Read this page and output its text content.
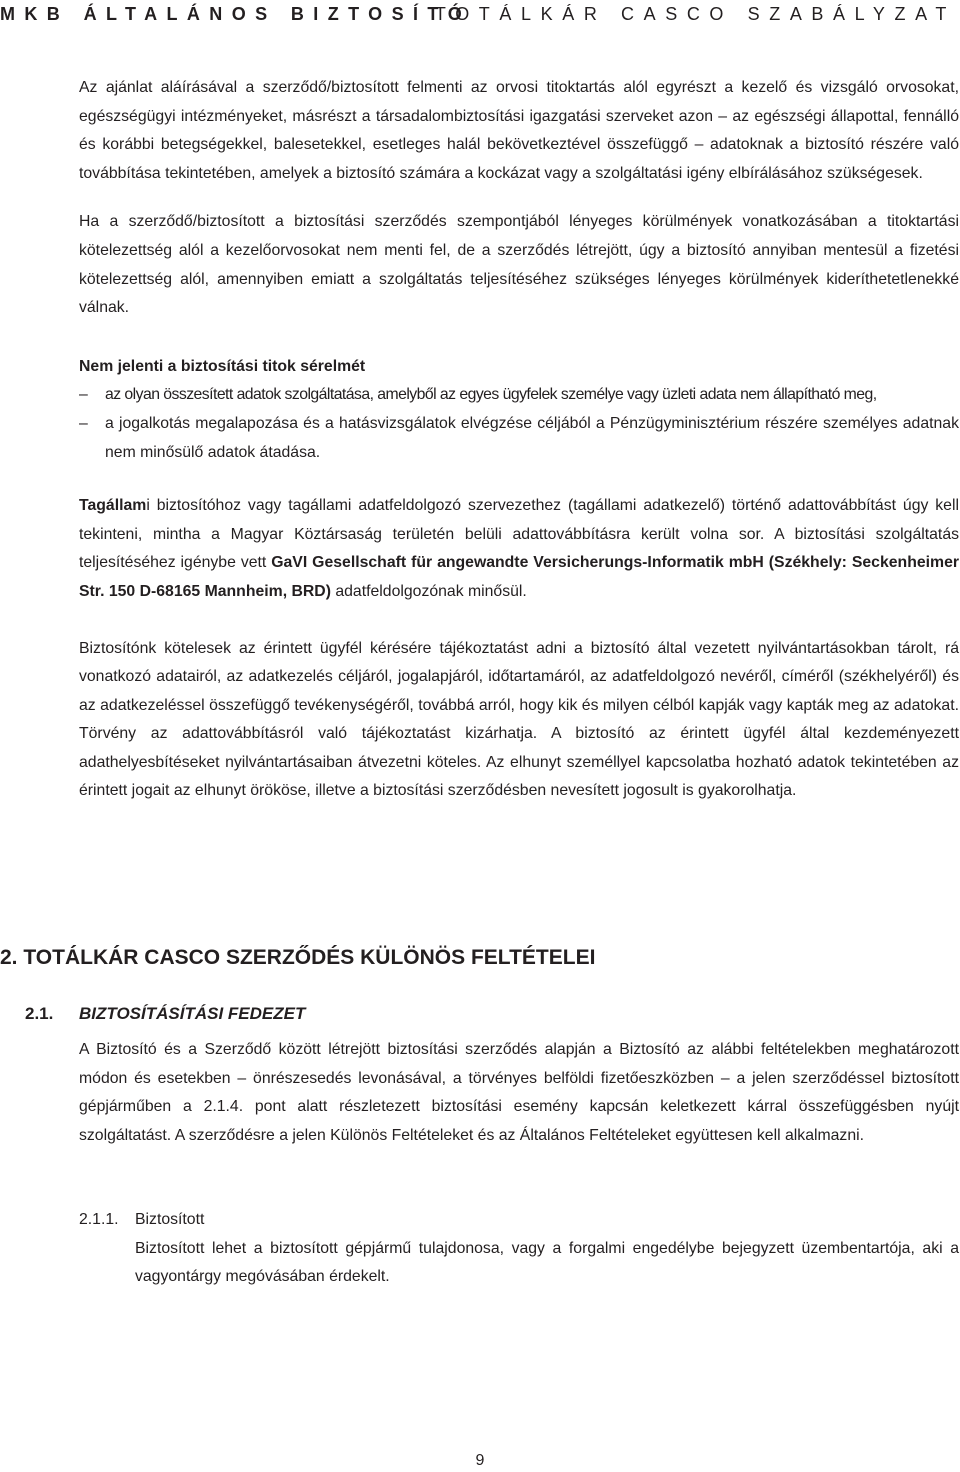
MKB ÁLTALÁNOS BIZTOSÍTÓ
TOTÁLKÁR CASCO SZABÁLYZAT

Az ajánlat aláírásával a szerződő/biztosított felmenti az orvosi titoktartás alól egyrészt a kezelő és vizsgáló orvosokat, egészségügyi intézményeket, másrészt a társadalombiztosítási igazgatási szerveket azon – az egészségi állapottal, fennálló és korábbi betegségekkel, balesetekkel, esetleges halál bekövetkeztével összefüggő – adatoknak a biztosító részére való továbbítása tekintetében, amelyek a biztosító számára a kockázat vagy a szolgáltatási igény elbírálásához szükségesek.

Ha a szerződő/biztosított a biztosítási szerződés szempontjából lényeges körülmények vonatkozásában a titoktartási kötelezettség alól a kezelőorvosokat nem menti fel, de a szerződés létrejött, úgy a biztosító annyiban mentesül a fizetési kötelezettség alól, amennyiben emiatt a szolgáltatás teljesítéséhez szükséges lényeges körülmények kideríthetetlenekké válnak.

Nem jelenti a biztosítási titok sérelmét

– az olyan összesített adatok szolgáltatása, amelyből az egyes ügyfelek személye vagy üzleti adata nem állapítható meg,
– a jogalkotás megalapozása és a hatásvizsgálatok elvégzése céljából a Pénzügyminisztérium részére személyes adatnak nem minősülő adatok átadása.

Tagállami biztosítóhoz vagy tagállami adatfeldolgozó szervezethez (tagállami adatkezelő) történő adattovábbítást úgy kell tekinteni, mintha a Magyar Köztársaság területén belüli adattovábbításra került volna sor. A biztosítási szolgáltatás teljesítéséhez igénybe vett GaVI Gesellschaft für angewandte Versicherungs-Informatik mbH (Székhely: Seckenheimer Str. 150 D-68165 Mannheim, BRD) adatfeldolgozónak minősül.

Biztosítónk kötelesek az érintett ügyfél kérésére tájékoztatást adni a biztosító által vezetett nyilvántartásokban tárolt, rá vonatkozó adatairól, az adatkezelés céljáról, jogalapjáról, időtartamáról, az adatfeldolgozó nevéről, címéről (székhelyéről) és az adatkezeléssel összefüggő tevékenységéről, továbbá arról, hogy kik és milyen célból kapják vagy kapták meg az adatokat. Törvény az adattovábbításról való tájékoztatást kizárhatja. A biztosító az érintett ügyfél által kezdeményezett adathelyesbítéseket nyilvántartásaiban átvezetni köteles. Az elhunyt személlyel kapcsolatba hozható adatok tekintetében az érintett jogait az elhunyt örököse, illetve a biztosítási szerződésben nevesített jogosult is gyakorolhatja.

2. TOTÁLKÁR CASCO SZERZŐDÉS KÜLÖNÖS FELTÉTELEI
2.1.	BIZTOSÍTÁSÍTÁSI FEDEZET

A Biztosító és a Szerződő között létrejött biztosítási szerződés alapján a Biztosító az alábbi feltételekben meghatározott módon és esetekben – önrészesedés levonásával, a törvényes belföldi fizetőeszközben – a jelen szerződéssel biztosított gépjárműben a 2.1.4. pont alatt részletezett biztosítási esemény kapcsán keletkezett kárral összefüggésben nyújt szolgáltatást. A szerződésre a jelen Különös Feltételeket és az Általános Feltételeket együttesen kell alkalmazni.

2.1.1.	Biztosított

Biztosított lehet a biztosított gépjármű tulajdonosa, vagy a forgalmi engedélybe bejegyzett üzembentartója, aki a vagyontárgy megóvásában érdekelt.

9
